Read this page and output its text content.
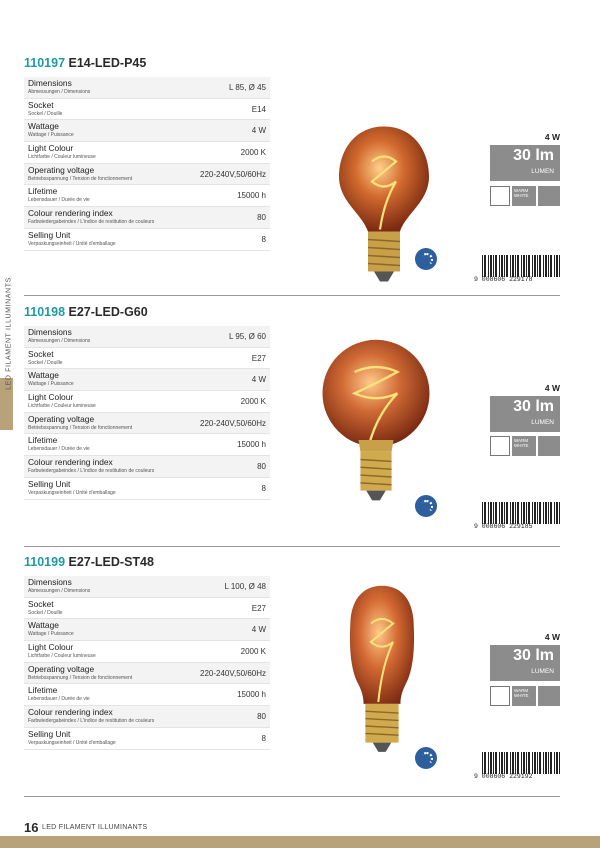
LED FILAMENT ILLUMINANTS
110197 E14-LED-P45
Dimensions
Abmessungen / Dimensions	L 85, Ø 45
Socket
Sockel / Douille	E14
Wattage
Wattage / Puissance	4 W
Light Colour
Lichtfarbe / Couleur lumineuse	2000 K
Operating voltage
Betriebsspannung / Tension de fonctionnement	220-240V,50/60Hz
Lifetime
Lebensdauer / Durée de vie	15000 h
Colour rendering index
Farbwiedergabeindex / L'indice de restitution de couleurs	80
Selling Unit
Verpaskungseinheit / Unité d'emballage	8
4 W
30 lm
LUMEN
WARM WHITE
9 008606 229178
110198 E27-LED-G60
Dimensions
Abmessungen / Dimensions	L 95, Ø 60
Socket
Sockel / Douille	E27
Wattage
Wattage / Puissance	4 W
Light Colour
Lichtfarbe / Couleur lumineuse	2000 K
Operating voltage
Betriebsspannung / Tension de fonctionnement	220-240V,50/60Hz
Lifetime
Lebensdauer / Durée de vie	15000 h
Colour rendering index
Farbwiedergabeindex / L'indice de restitution de couleurs	80
Selling Unit
Verpaskungseinheit / Unité d'emballage	8
4 W
30 lm
LUMEN
WARM WHITE
9 008606 229185
110199 E27-LED-ST48
Dimensions
Abmessungen / Dimensions	L 100, Ø 48
Socket
Sockel / Douille	E27
Wattage
Wattage / Puissance	4 W
Light Colour
Lichtfarbe / Couleur lumineuse	2000 K
Operating voltage
Betriebsspannung / Tension de fonctionnement	220-240V,50/60Hz
Lifetime
Lebensdauer / Durée de vie	15000 h
Colour rendering index
Farbwiedergabeindex / L'indice de restitution de couleurs	80
Selling Unit
Verpaskungseinheit / Unité d'emballage	8
4 W
30 lm
LUMEN
WARM WHITE
9 008606 229192
16 LED FILAMENT ILLUMINANTS
